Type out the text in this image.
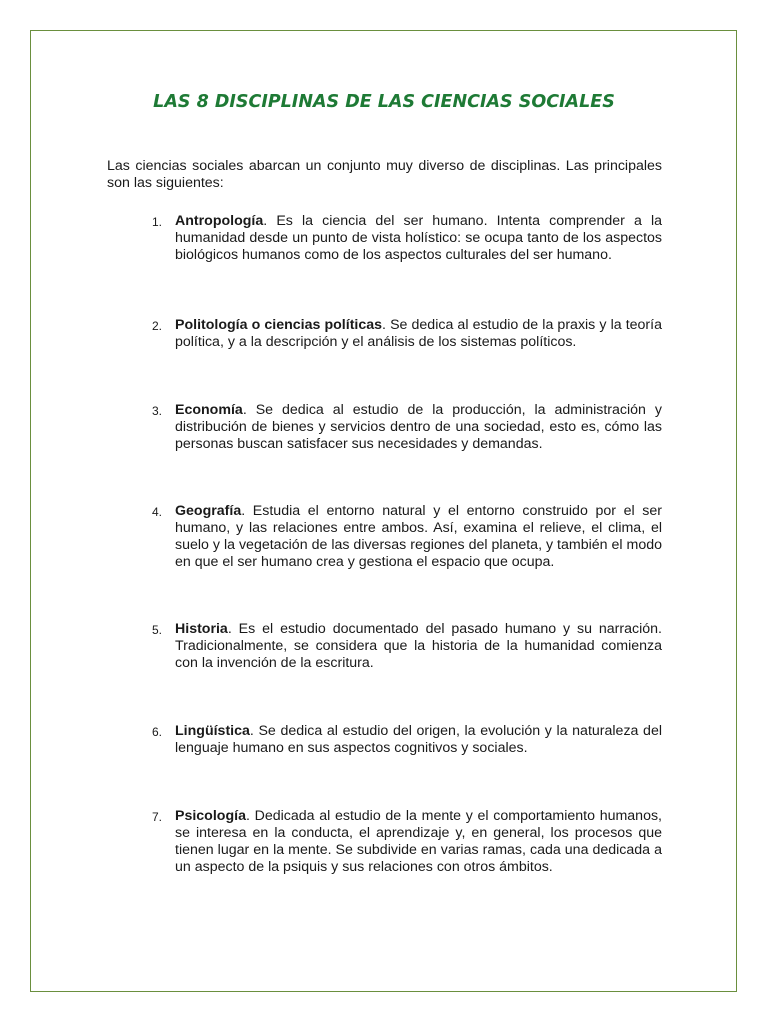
LAS 8 DISCIPLINAS DE LAS CIENCIAS SOCIALES
Las ciencias sociales abarcan un conjunto muy diverso de disciplinas. Las principales son las siguientes:
1. Antropología. Es la ciencia del ser humano. Intenta comprender a la humanidad desde un punto de vista holístico: se ocupa tanto de los aspectos biológicos humanos como de los aspectos culturales del ser humano.
2. Politología o ciencias políticas. Se dedica al estudio de la praxis y la teoría política, y a la descripción y el análisis de los sistemas políticos.
3. Economía. Se dedica al estudio de la producción, la administración y distribución de bienes y servicios dentro de una sociedad, esto es, cómo las personas buscan satisfacer sus necesidades y demandas.
4. Geografía. Estudia el entorno natural y el entorno construido por el ser humano, y las relaciones entre ambos. Así, examina el relieve, el clima, el suelo y la vegetación de las diversas regiones del planeta, y también el modo en que el ser humano crea y gestiona el espacio que ocupa.
5. Historia. Es el estudio documentado del pasado humano y su narración. Tradicionalmente, se considera que la historia de la humanidad comienza con la invención de la escritura.
6. Lingüística. Se dedica al estudio del origen, la evolución y la naturaleza del lenguaje humano en sus aspectos cognitivos y sociales.
7. Psicología. Dedicada al estudio de la mente y el comportamiento humanos, se interesa en la conducta, el aprendizaje y, en general, los procesos que tienen lugar en la mente. Se subdivide en varias ramas, cada una dedicada a un aspecto de la psiquis y sus relaciones con otros ámbitos.
